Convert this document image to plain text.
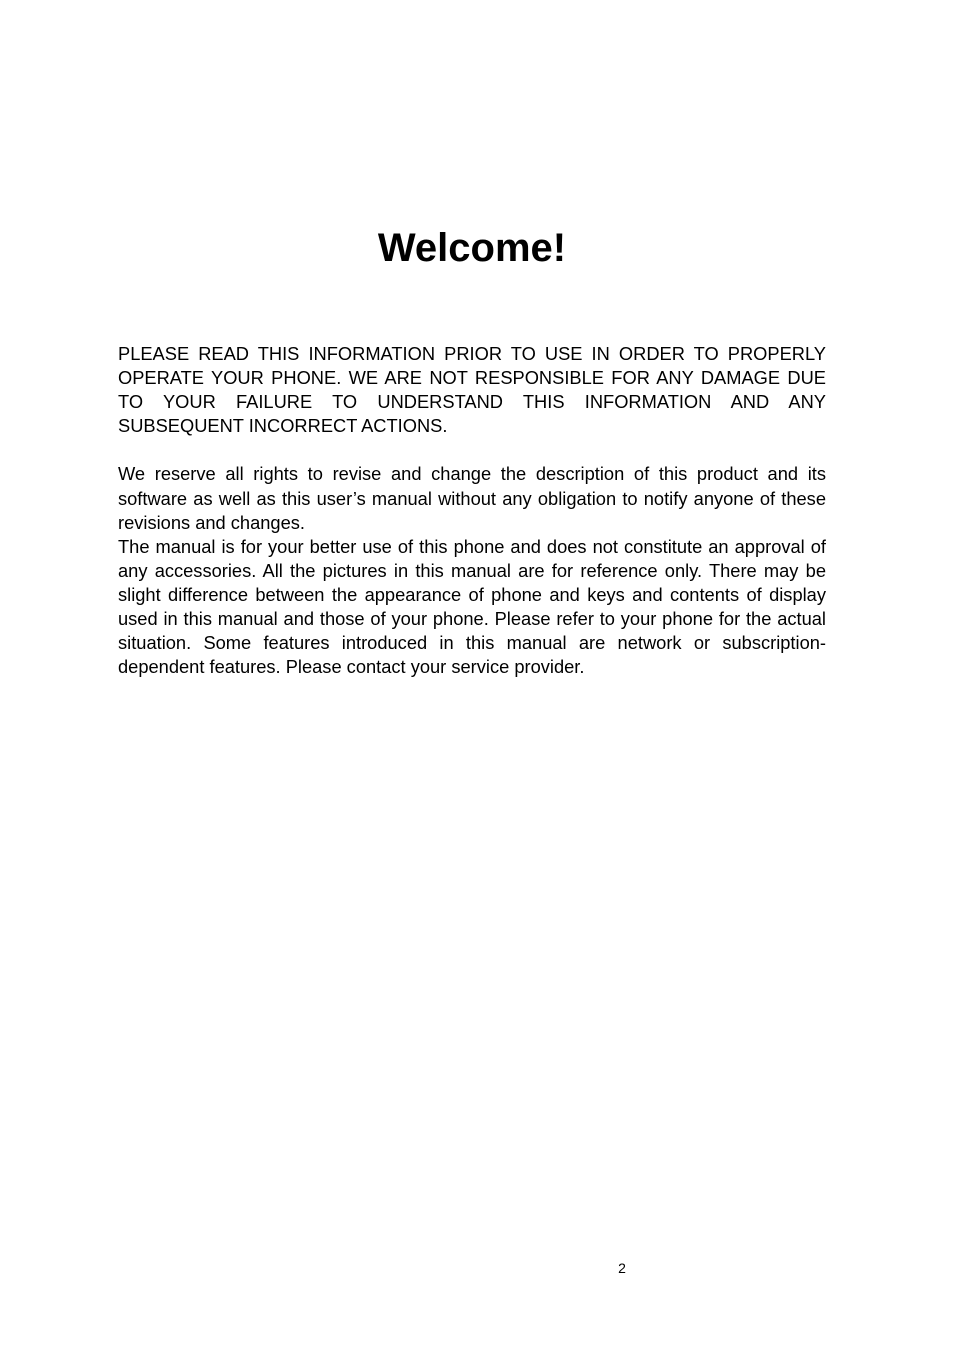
Welcome!

PLEASE READ THIS INFORMATION PRIOR TO USE IN ORDER TO PROPERLY OPERATE YOUR PHONE. WE ARE NOT RESPONSIBLE FOR ANY DAMAGE DUE TO YOUR FAILURE TO UNDERSTAND THIS INFORMATION AND ANY SUBSEQUENT INCORRECT ACTIONS.

We reserve all rights to revise and change the description of this product and its software as well as this user’s manual without any obligation to notify anyone of these revisions and changes.

The manual is for your better use of this phone and does not constitute an approval of any accessories. All the pictures in this manual are for reference only. There may be slight difference between the appearance of phone and keys and contents of display used in this manual and those of your phone. Please refer to your phone for the actual situation. Some features introduced in this manual are network or subscription-dependent features. Please contact your service provider.

2
